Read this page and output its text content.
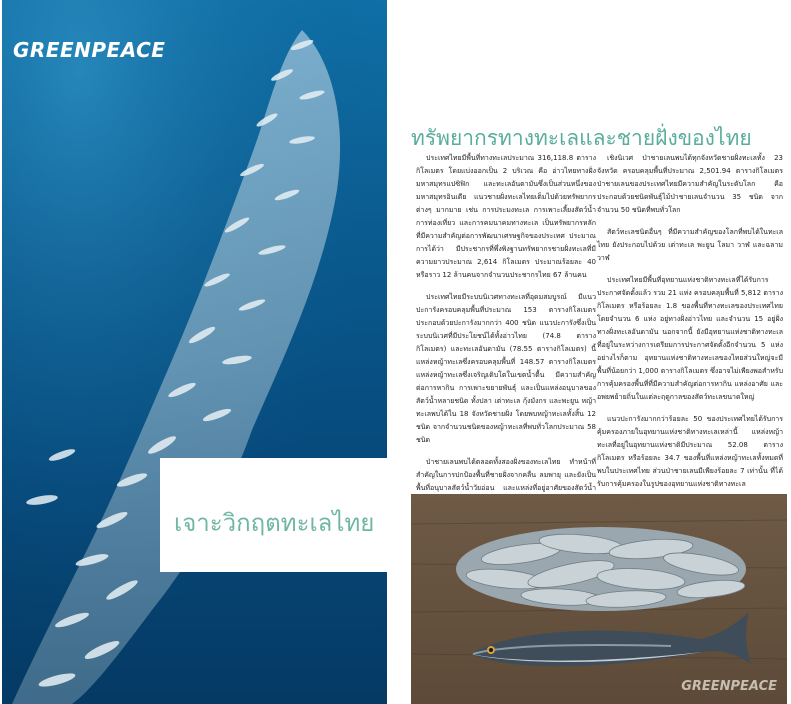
GREENPEACE
เจาะวิกฤตทะเลไทย
ทรัพยากรทางทะเลและชายฝั่งของไทย

ประเทศไทยมีพื้นที่ทางทะเลประมาณ 316,118.8 ตารางกิโลเมตร โดยแบ่งออกเป็น 2 บริเวณ คือ อ่าวไทยทางฝั่งมหาสมุทรแปซิฟิก และทะเลอันดามันซึ่งเป็นส่วนหนึ่งของมหาสมุทรอินเดีย แนวชายฝั่งทะเลไทยเต็มไปด้วยทรัพยากรต่างๆ มากมาย เช่น การประมงทะเล การเพาะเลี้ยงสัตว์น้ำ การท่องเที่ยว และการคมนาคมทางทะเล เป็นทรัพยากรหลักที่มีความสำคัญต่อการพัฒนาเศรษฐกิจของประเทศ ประมาณการได้ว่า มีประชากรที่พึ่งพิงฐานทรัพยากรชายฝั่งทะเลที่มีความยาวประมาณ 2,614 กิโลเมตร ประมาณร้อยละ 40 หรือราว 12 ล้านคนจากจำนวนประชากรไทย 67 ล้านคน

ประเทศไทยมีระบบนิเวศทางทะเลที่อุดมสมบูรณ์ มีแนวปะการังครอบคลุมพื้นที่ประมาณ 153 ตารางกิโลเมตร ประกอบด้วยปะการังมากกว่า 400 ชนิด แนวปะการังซึ่งเป็นระบบนิเวศที่มีประโยชน์ได้ทั้งอ่าวไทย (74.8 ตารางกิโลเมตร) และทะเลอันดามัน (78.55 ตารางกิโลเมตร) นี้แหล่งหญ้าทะเลซึ่งครอบคลุมพื้นที่ 148.57 ตารางกิโลเมตร แหล่งหญ้าทะเลซึ่งเจริญเติบโตในเขตน้ำตื้น มีความสำคัญต่อการหากิน การเพาะขยายพันธุ์ และเป็นแหล่งอนุบาลของสัตว์น้ำหลายชนิด ทั้งปลา เต่าทะเล กุ้งมังกร และพะยูน หญ้าทะเลพบได้ใน 18 จังหวัดชายฝั่ง โดยพบหญ้าทะเลทั้งสิ้น 12 ชนิด จากจำนวนชนิดของหญ้าทะเลที่พบทั่วโลกประมาณ 58 ชนิด

ป่าชายเลนพบได้ตลอดทั้งสองฝั่งของทะเลไทย ทำหน้าที่สำคัญในการปกป้องพื้นที่ชายฝั่งจากคลื่น ลมพายุ และยังเป็นพื้นที่อนุบาลสัตว์น้ำวัยอ่อน และแหล่งที่อยู่อาศัยของสัตว์น้ำ

เชิงนิเวศ ป่าชายเลนพบได้ทุกจังหวัดชายฝั่งทะเลทั้ง 23 จังหวัด ครอบคลุมพื้นที่ประมาณ 2,501.94 ตารางกิโลเมตร ป่าชายเลนของประเทศไทยมีความสำคัญในระดับโลก คือ ประกอบด้วยชนิดพันธุ์ไม้ป่าชายเลนจำนวน 35 ชนิด จากจำนวน 50 ชนิดที่พบทั่วโลก

สัตว์ทะเลชนิดอื่นๆ ที่มีความสำคัญของโลกที่พบได้ในทะเลไทย ยังประกอบไปด้วย เต่าทะเล พะยูน โลมา วาฬ และฉลามวาฬ

ประเทศไทยมีพื้นที่อุทยานแห่งชาติทางทะเลที่ได้รับการประกาศจัดตั้งแล้ว รวม 21 แห่ง ครอบคลุมพื้นที่ 5,812 ตารางกิโลเมตร หรือร้อยละ 1.8 ของพื้นที่ทางทะเลของประเทศไทย โดยจำนวน 6 แห่ง อยู่ทางฝั่งอ่าวไทย และจำนวน 15 อยู่ฝั่งทางฝั่งทะเลอันดามัน นอกจากนี้ ยังมีอุทยานแห่งชาติทางทะเลที่อยู่ในระหว่างการเตรียมการประกาศจัดตั้งอีกจำนวน 5 แห่ง อย่างไรก็ตาม อุทยานแห่งชาติทางทะเลของไทยส่วนใหญ่จะมีพื้นที่น้อยกว่า 1,000 ตารางกิโลเมตร ซึ่งอาจไม่เพียงพอสำหรับการคุ้มครองพื้นที่ที่มีความสำคัญต่อการหากิน แหล่งอาศัย และอพยพย้ายถิ่นในแต่ละฤดูกาลของสัตว์ทะเลขนาดใหญ่

แนวปะการังมากกว่าร้อยละ 50 ของประเทศไทยได้รับการคุ้มครองภายในอุทยานแห่งชาติทางทะเลเหล่านี้ แหล่งหญ้าทะเลที่อยู่ในอุทยานแห่งชาติมีประมาณ 52.08 ตารางกิโลเมตร หรือร้อยละ 34.7 ของพื้นที่แหล่งหญ้าทะเลทั้งหมดที่พบในประเทศไทย ส่วนป่าชายเลนมีเพียงร้อยละ 7 เท่านั้น ที่ได้รับการคุ้มครองในรูปของอุทยานแห่งชาติทางทะเล

GREENPEACE
